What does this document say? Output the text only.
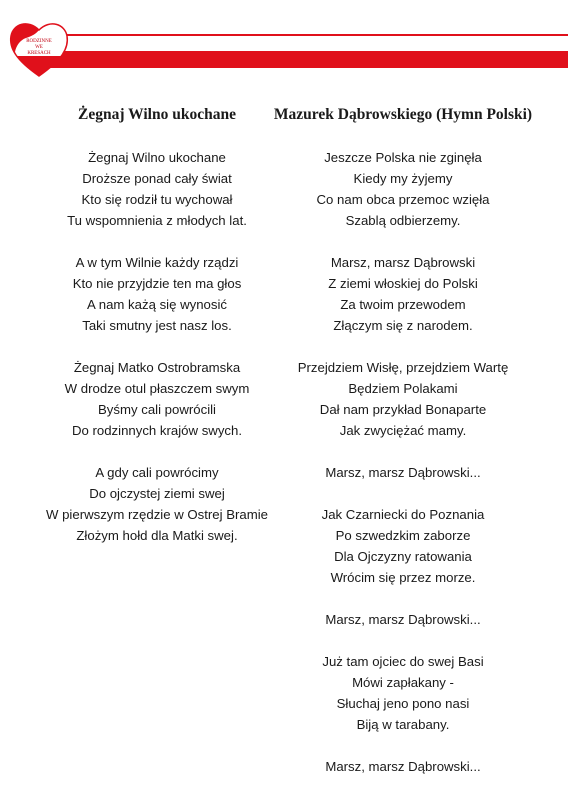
RODZINNE
WE
KRESACH
Żegnaj Wilno ukochane
Żegnaj Wilno ukochane
Droższe ponad cały świat
Kto się rodził tu wychował
Tu wspomnienia z młodych lat.
A w tym Wilnie każdy rządzi
Kto nie przyjdzie ten ma głos
A nam każą się wynosić
Taki smutny jest nasz los.
Żegnaj Matko Ostrobramska
W drodze otul płaszczem swym
Byśmy cali powrócili
Do rodzinnych krajów swych.
A gdy cali powrócimy
Do ojczystej ziemi swej
W pierwszym rzędzie w Ostrej Bramie
Złożym hołd dla Matki swej.
Mazurek Dąbrowskiego (Hymn Polski)
Jeszcze Polska nie zginęła
Kiedy my żyjemy
Co nam obca przemoc wzięła
Szablą odbierzemy.
Marsz, marsz Dąbrowski
Z ziemi włoskiej do Polski
Za twoim przewodem
Złączym się z narodem.
Przejdziem Wisłę, przejdziem Wartę
Będziem Polakami
Dał nam przykład Bonaparte
Jak zwyciężać mamy.
Marsz, marsz Dąbrowski...
Jak Czarniecki do Poznania
Po szwedzkim zaborze
Dla Ojczyzny ratowania
Wrócim się przez morze.
Marsz, marsz Dąbrowski...
Już tam ojciec do swej Basi
Mówi zapłakany -
Słuchaj jeno pono nasi
Biją w tarabany.
Marsz, marsz Dąbrowski...
